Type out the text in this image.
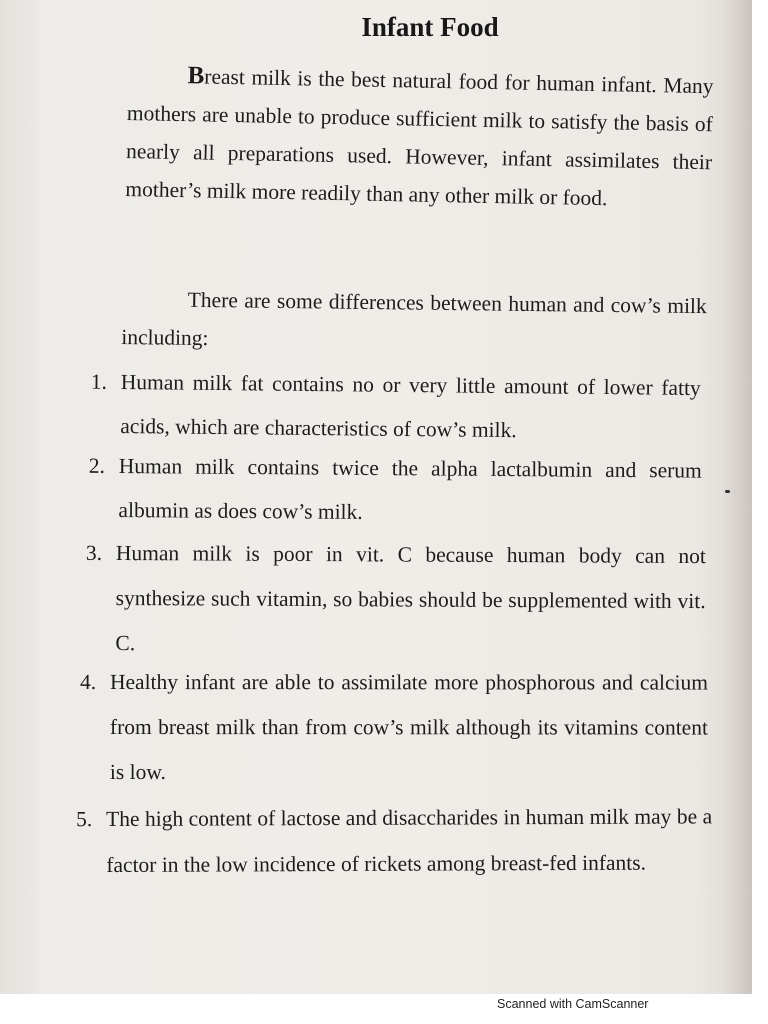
Infant Food
Breast milk is the best natural food for human infant. Many mothers are unable to produce sufficient milk to satisfy the basis of nearly all preparations used. However, infant assimilates their mother’s milk more readily than any other milk or food.
There are some differences between human and cow’s milk including:
1. Human milk fat contains no or very little amount of lower fatty acids, which are characteristics of cow’s milk.
2. Human milk contains twice the alpha lactalbumin and serum albumin as does cow’s milk.
3. Human milk is poor in vit. C because human body can not synthesize such vitamin, so babies should be supplemented with vit. C.
4. Healthy infant are able to assimilate more phosphorous and calcium from breast milk than from cow’s milk although its vitamins content is low.
5. The high content of lactose and disaccharides in human milk may be a factor in the low incidence of rickets among breast-fed infants.
Scanned with CamScanner
